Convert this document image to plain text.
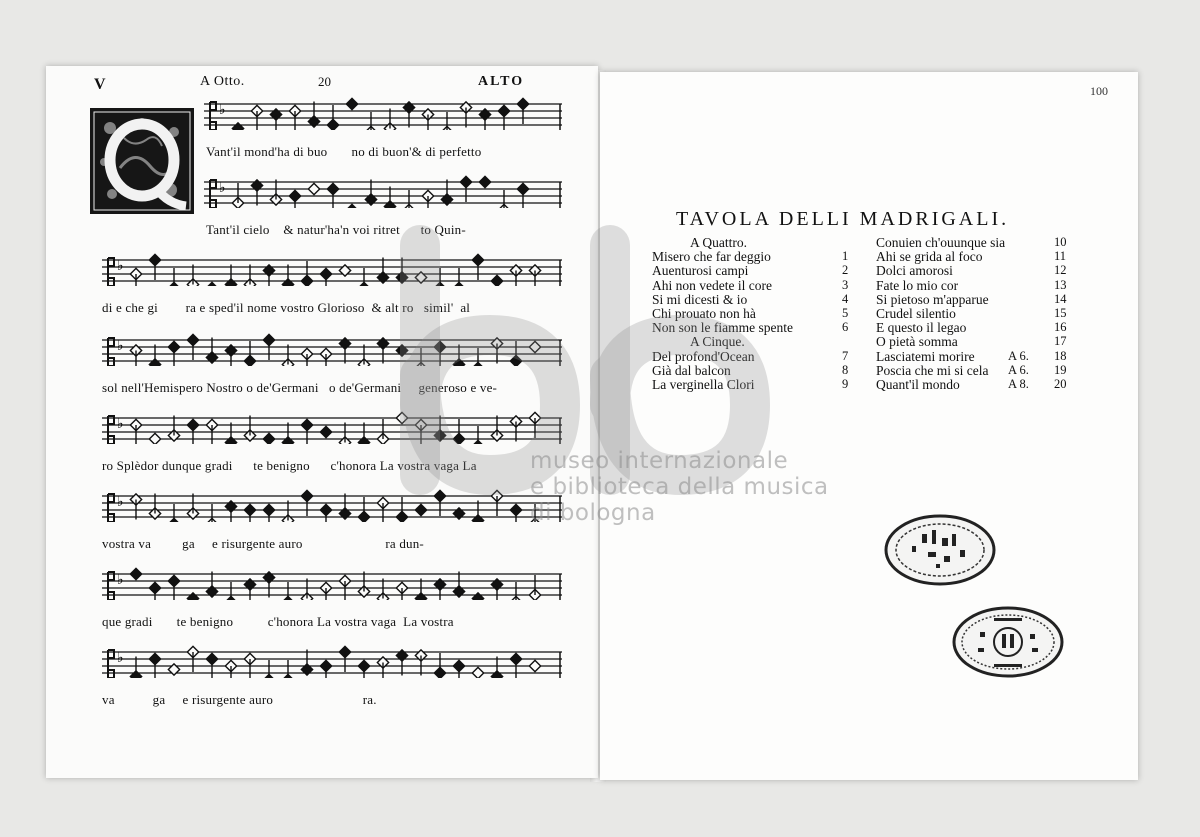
V	A Otto.	20	ALTO
Q
♭
Vant'il mond'ha di buo       no di buon'& di perfetto
♭
Tant'il cielo    & natur'ha'n voi ritret      to Quin-
♭
di e che gi        ra e sped'il nome vostro Glorioso  & alt ro   simil'  al
♭
sol nell'Hemispero Nostro o de'Germani   o de'Germani     generoso e ve-
♭
ro Splèdor dunque gradi      te benigno      c'honora La vostra vaga La
♭
vostra va         ga     e risurgente auro                        ra dun-
♭
que gradi       te benigno          c'honora La vostra vaga  La vostra
♭
va           ga     e risurgente auro                          ra.
100
TAVOLA DELLI MADRIGALI.
A Quattro.
Misero che far deggio	1
Auenturosi campi	2
Ahi non vedete il core	3
Si mi dicesti & io	4
Chi prouato non hà	5
Non son le fiamme spente	6
A Cinque.
Del profond'Ocean	7
Già dal balcon	8
La verginella Clori	9
Conuien ch'ouunque sia	10
Ahi se grida al foco	11
Dolci amorosi	12
Fate lo mio cor	13
Si pietoso m'apparue	14
Crudel silentio	15
E questo il legao	16
O pietà somma	17
Lasciatemi morire	A 6. 18
Poscia che mi si cela A 6. 19
Quant'il mondo	A 8. 20
museo internazionale
e biblioteca della musica
di bologna
